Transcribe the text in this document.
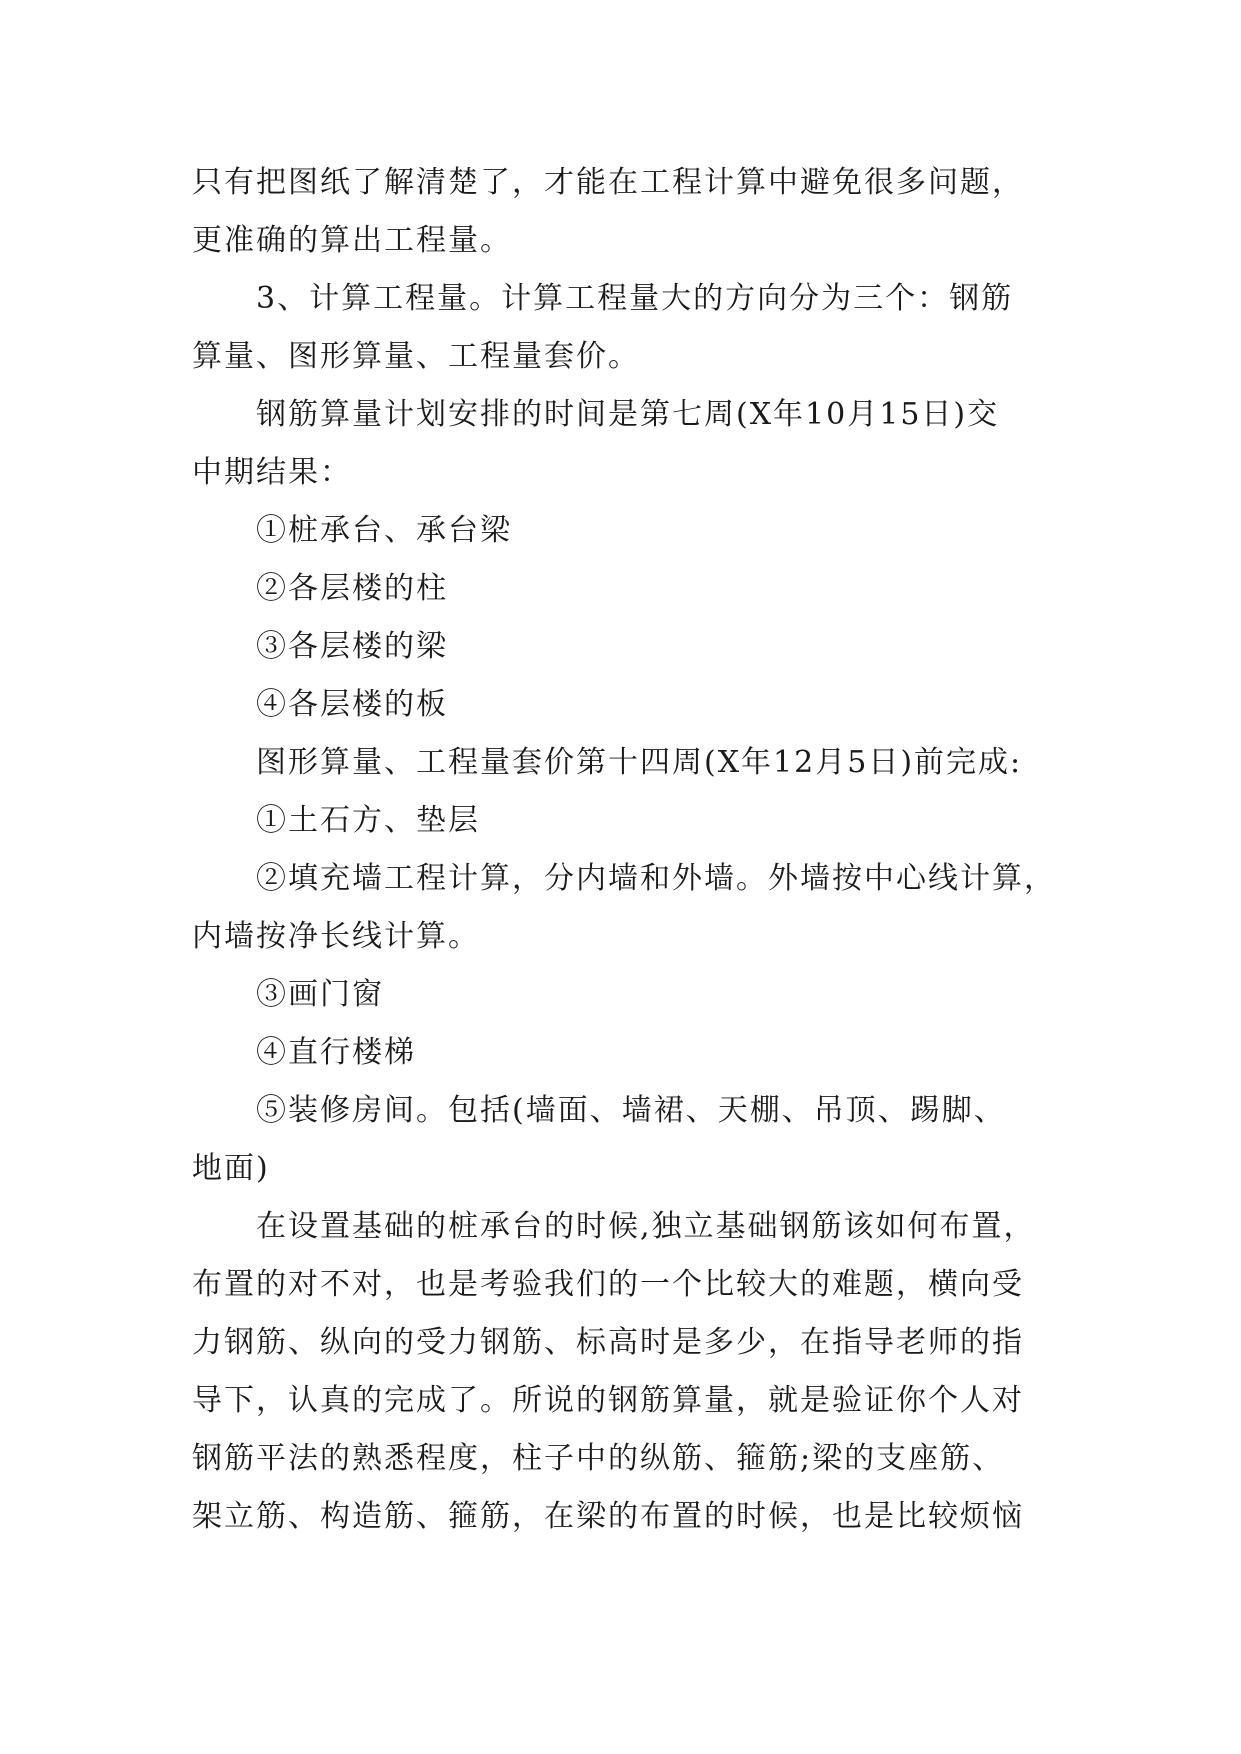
只有把图纸了解清楚了，才能在工程计算中避免很多问题，
更准确的算出工程量。
3、计算工程量。计算工程量大的方向分为三个：钢筋
算量、图形算量、工程量套价。
钢筋算量计划安排的时间是第七周(X年10月15日)交
中期结果：
①桩承台、承台梁
②各层楼的柱
③各层楼的梁
④各层楼的板
图形算量、工程量套价第十四周(X年12月5日)前完成:
①土石方、垫层
②填充墙工程计算，分内墙和外墙。外墙按中心线计算，
内墙按净长线计算。
③画门窗
④直行楼梯
⑤装修房间。包括(墙面、墙裙、天棚、吊顶、踢脚、
地面)
在设置基础的桩承台的时候,独立基础钢筋该如何布置，
布置的对不对，也是考验我们的一个比较大的难题，横向受
力钢筋、纵向的受力钢筋、标高时是多少，在指导老师的指
导下，认真的完成了。所说的钢筋算量，就是验证你个人对
钢筋平法的熟悉程度，柱子中的纵筋、箍筋;梁的支座筋、
架立筋、构造筋、箍筋，在梁的布置的时候，也是比较烦恼
